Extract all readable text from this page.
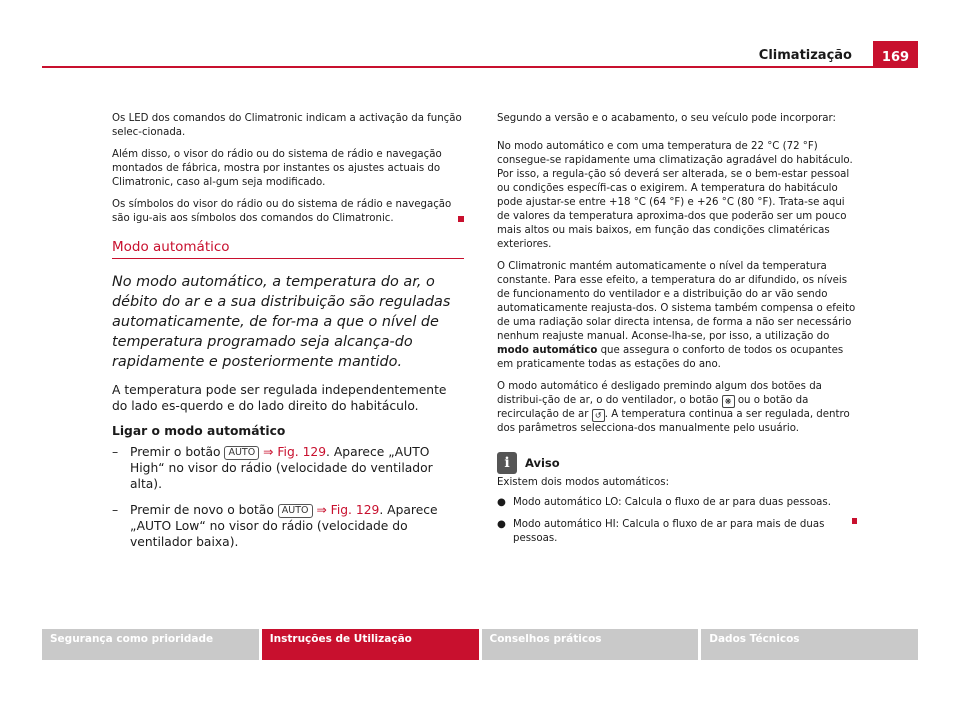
Climatização	169

Os LED dos comandos do Climatronic indicam a activação da função selec-cionada.

Além disso, o visor do rádio ou do sistema de rádio e navegação montados de fábrica, mostra por instantes os ajustes actuais do Climatronic, caso al-gum seja modificado.

Os símbolos do visor do rádio ou do sistema de rádio e navegação são igu-ais aos símbolos dos comandos do Climatronic.

Modo automático
No modo automático, a temperatura do ar, o débito do ar e a sua distribuição são reguladas automaticamente, de for-ma a que o nível de temperatura programado seja alcança-do rapidamente e posteriormente mantido.
A temperatura pode ser regulada independentemente do lado es-querdo e do lado direito do habitáculo.
Ligar o modo automático
– Premir o botão AUTO ⇒ Fig. 129. Aparece „AUTO High“ no visor do rádio (velocidade do ventilador alta).
– Premir de novo o botão AUTO ⇒ Fig. 129. Aparece „AUTO Low“ no visor do rádio (velocidade do ventilador baixa).

Segundo a versão e o acabamento, o seu veículo pode incorporar:

No modo automático e com uma temperatura de 22 °C (72 °F) consegue-se rapidamente uma climatização agradável do habitáculo. Por isso, a regula-ção só deverá ser alterada, se o bem-estar pessoal ou condições específi-cas o exigirem. A temperatura do habitáculo pode ajustar-se entre +18 °C (64 °F) e +26 °C (80 °F). Trata-se aqui de valores da temperatura aproxima-dos que poderão ser um pouco mais altos ou mais baixos, em função das condições climatéricas exteriores.

O Climatronic mantém automaticamente o nível da temperatura constante. Para esse efeito, a temperatura do ar difundido, os níveis de funcionamento do ventilador e a distribuição do ar vão sendo automaticamente reajusta-dos. O sistema também compensa o efeito de uma radiação solar directa intensa, de forma a não ser necessário nenhum reajuste manual. Aconse-lha-se, por isso, a utilização do modo automático que assegura o conforto de todos os ocupantes em praticamente todas as estações do ano.

O modo automático é desligado premindo algum dos botões da distribui-ção de ar, o do ventilador, o botão ❋ ou o botão da recirculação de ar ↺ . A temperatura continua a ser regulada, dentro dos parâmetros selecciona-dos manualmente pelo usuário.

i	Aviso
Existem dois modos automáticos:
● Modo automático LO: Calcula o fluxo de ar para duas pessoas.
● Modo automático HI: Calcula o fluxo de ar para mais de duas pessoas.
Segurança como prioridade	Instruções de Utilização	Conselhos práticos	Dados Técnicos
